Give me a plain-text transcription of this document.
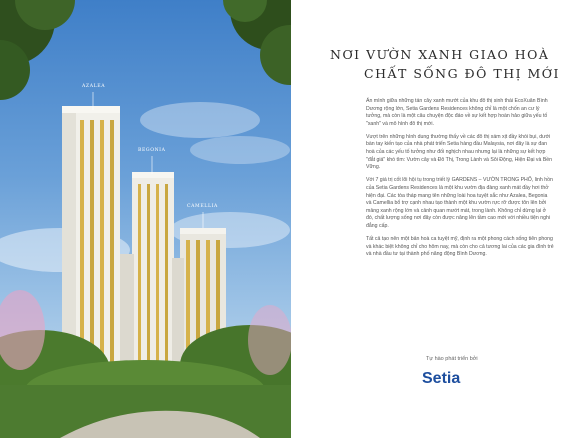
AZALEA
BEGONIA
CAMELLIA
NƠI VƯỜN XANH GIAO HOÀ
CHẤT SỐNG ĐÔ THỊ MỚI

Ẩn mình giữa những tán cây xanh mướt của khu đô thị sinh thái EcoXuân Bình Dương rộng lớn, Setia Gardens Residences không chỉ là một chốn an cư lý tưởng, mà còn là một câu chuyện độc đáo về sự kết hợp hoàn hảo giữa yếu tố "xanh" và mô hình đô thị mới.

Vượt trên những hình dung thường thấy về các đô thị xám xịt đầy khói bụi, dưới bàn tay kiến tạo của nhà phát triển Setia hàng đầu Malaysia, nơi đây là sự đan hoà của các yếu tố tưởng như đối nghịch nhau nhưng lại là những sự kết hợp "đắt giá" khó tìm: Vườn cây và Đô Thị, Trong Lành và Sôi Động, Hiện Đại và Bền Vững.

Với 7 giá trị cốt lõi hội tụ trong triết lý GARDENS – VƯỜN TRONG PHỐ, linh hồn của Setia Gardens Residences là một khu vườn địa đàng xanh mát đầy hơi thở hiện đại. Các tòa tháp mang tên những loài hoa tuyệt sắc như Azalea, Begonia và Camellia bổ trợ cạnh nhau tạo thành một khu vườn rực rỡ được tôn lên bởi mảng xanh rộng lớn và cảnh quan mướt mát, trong lành. Không chỉ dừng lại ở đó, chất lượng sống nơi đây còn được nâng lên tầm cao mới với nhiều tiện nghi đẳng cấp.

Tất cả tạo nên một bản hoà ca tuyệt mỹ, định ra một phong cách sống tiên phong và khác biệt không chỉ cho hôm nay, mà còn cho cả tương lai của các gia đình trẻ và nhà đầu tư tại thành phố năng động Bình Dương.

Tự hào phát triển bởi
Setia
